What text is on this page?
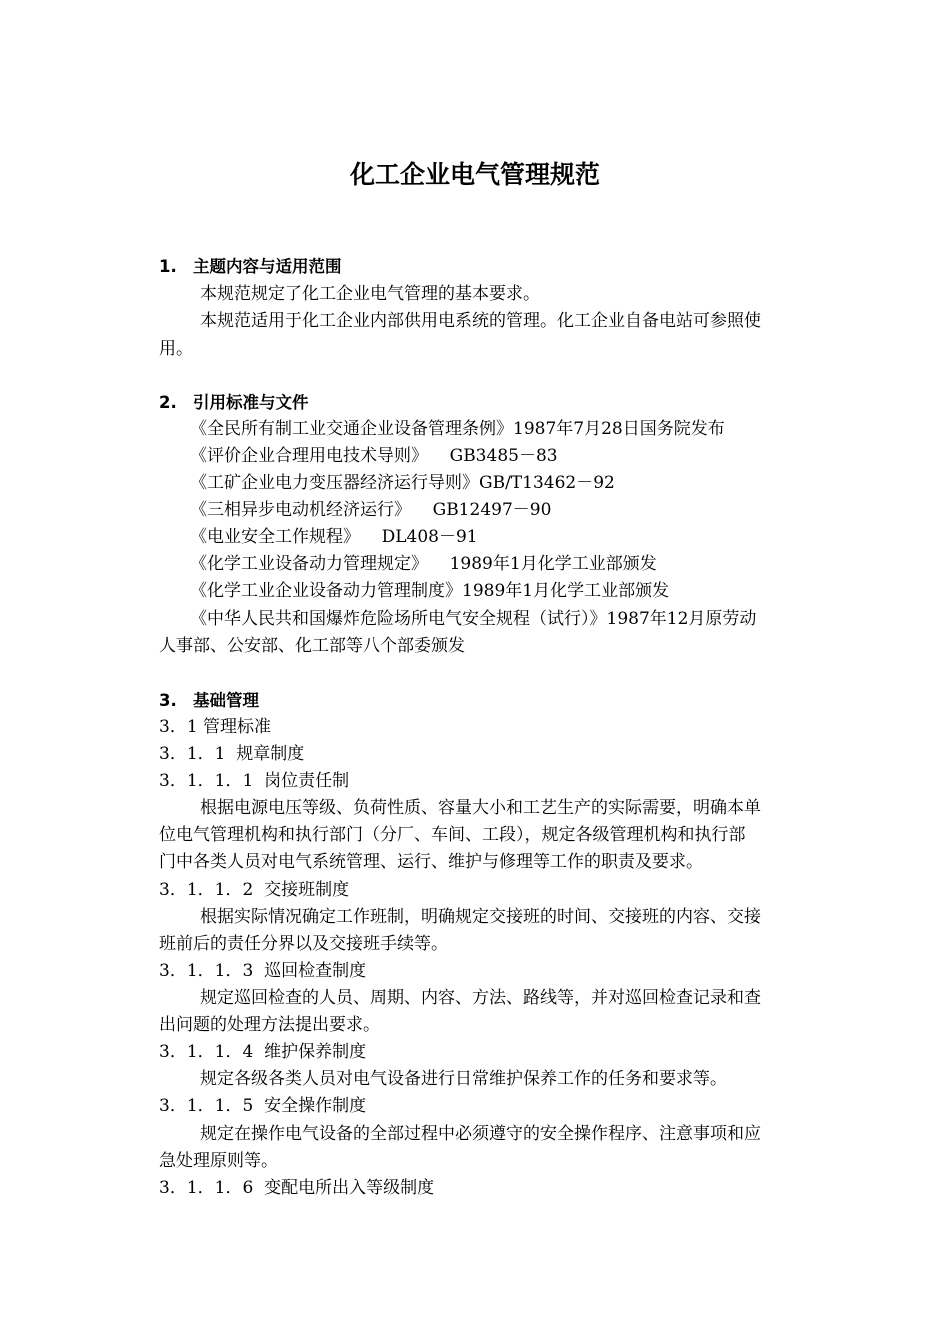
化工企业电气管理规范
1. 主题内容与适用范围
本规范规定了化工企业电气管理的基本要求。
本规范适用于化工企业内部供用电系统的管理。化工企业自备电站可参照使
用。
2. 引用标准与文件
《全民所有制工业交通企业设备管理条例》1987年7月28日国务院发布
《评价企业合理用电技术导则》    GB3485－83
《工矿企业电力变压器经济运行导则》GB/T13462－92
《三相异步电动机经济运行》    GB12497－90
《电业安全工作规程》    DL408－91
《化学工业设备动力管理规定》    1989年1月化学工业部颁发
《化学工业企业设备动力管理制度》1989年1月化学工业部颁发
《中华人民共和国爆炸危险场所电气安全规程（试行）》1987年12月原劳动
人事部、公安部、化工部等八个部委颁发
3. 基础管理
3．1 管理标准
3．1．1  规章制度
3．1．1．1  岗位责任制
根据电源电压等级、负荷性质、容量大小和工艺生产的实际需要，明确本单
位电气管理机构和执行部门（分厂、车间、工段），规定各级管理机构和执行部
门中各类人员对电气系统管理、运行、维护与修理等工作的职责及要求。
3．1．1．2  交接班制度
根据实际情况确定工作班制，明确规定交接班的时间、交接班的内容、交接
班前后的责任分界以及交接班手续等。
3．1．1．3  巡回检查制度
规定巡回检查的人员、周期、内容、方法、路线等，并对巡回检查记录和查
出问题的处理方法提出要求。
3．1．1．4  维护保养制度
规定各级各类人员对电气设备进行日常维护保养工作的任务和要求等。
3．1．1．5  安全操作制度
规定在操作电气设备的全部过程中必须遵守的安全操作程序、注意事项和应
急处理原则等。
3．1．1．6  变配电所出入等级制度
